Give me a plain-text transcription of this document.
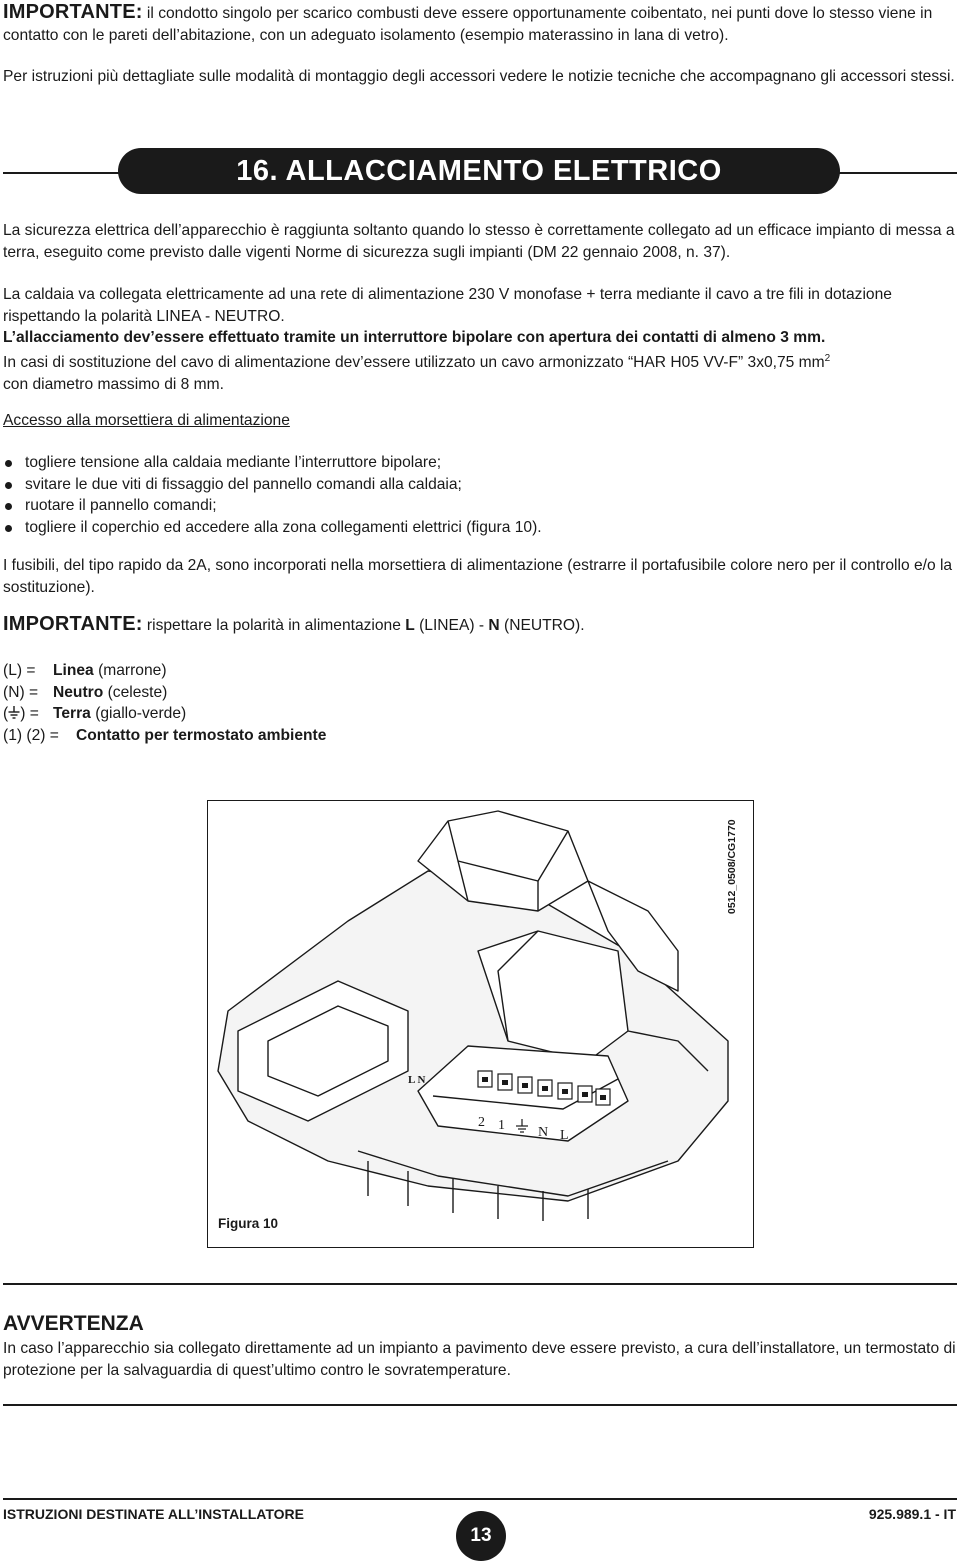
IMPORTANTE: il condotto singolo per scarico combusti deve essere opportunamente coibentato, nei punti dove lo stesso viene in contatto con le pareti dell’abitazione, con un adeguato isolamento (esempio materassino in lana di vetro).

Per istruzioni più dettagliate sulle modalità di montaggio degli accessori vedere le notizie tecniche che accompagnano gli accessori stessi.

16. ALLACCIAMENTO ELETTRICO

La sicurezza elettrica dell’apparecchio è raggiunta soltanto quando lo stesso è correttamente collegato ad un efficace impianto di messa a terra, eseguito come previsto dalle vigenti Norme di sicurezza sugli impianti (DM 22 gennaio 2008, n. 37).

La caldaia va collegata elettricamente ad una rete di alimentazione 230 V monofase + terra mediante il cavo a tre fili in dotazione rispettando la polarità LINEA - NEUTRO.

L’allacciamento dev’essere effettuato tramite un interruttore bipolare con apertura dei contatti di almeno 3 mm.

In casi di sostituzione del cavo di alimentazione dev’essere utilizzato un cavo armonizzato “HAR H05 VV-F” 3x0,75 $mm^2$
con diametro massimo di 8 mm.

Accesso alla morsettiera di alimentazione

togliere tensione alla caldaia mediante l’interruttore bipolare;
svitare le due viti di fissaggio del pannello comandi alla caldaia;
ruotare il pannello comandi;
togliere il coperchio ed accedere alla zona collegamenti elettrici (figura 10).

I fusibili, del tipo rapido da 2A, sono incorporati nella morsettiera di alimentazione (estrarre il portafusibile colore nero per il controllo e/o la sostituzione).

IMPORTANTE: rispettare la polarità in alimentazione L (LINEA) - N (NEUTRO).

(L) = Linea (marrone)
(N) = Neutro (celeste)
( ) = Terra (giallo-verde)
(1) (2) = Contatto per termostato ambiente
2 1 N L
L N
0512_0508/CG1770
Figura 10
AVVERTENZA

In caso l’apparecchio sia collegato direttamente ad un impianto a pavimento deve essere previsto, a cura dell’installatore, un termostato di protezione per la salvaguardia di quest’ultimo contro le sovratemperature.

ISTRUZIONI DESTINATE ALL’INSTALLATORE
13
925.989.1 - IT
